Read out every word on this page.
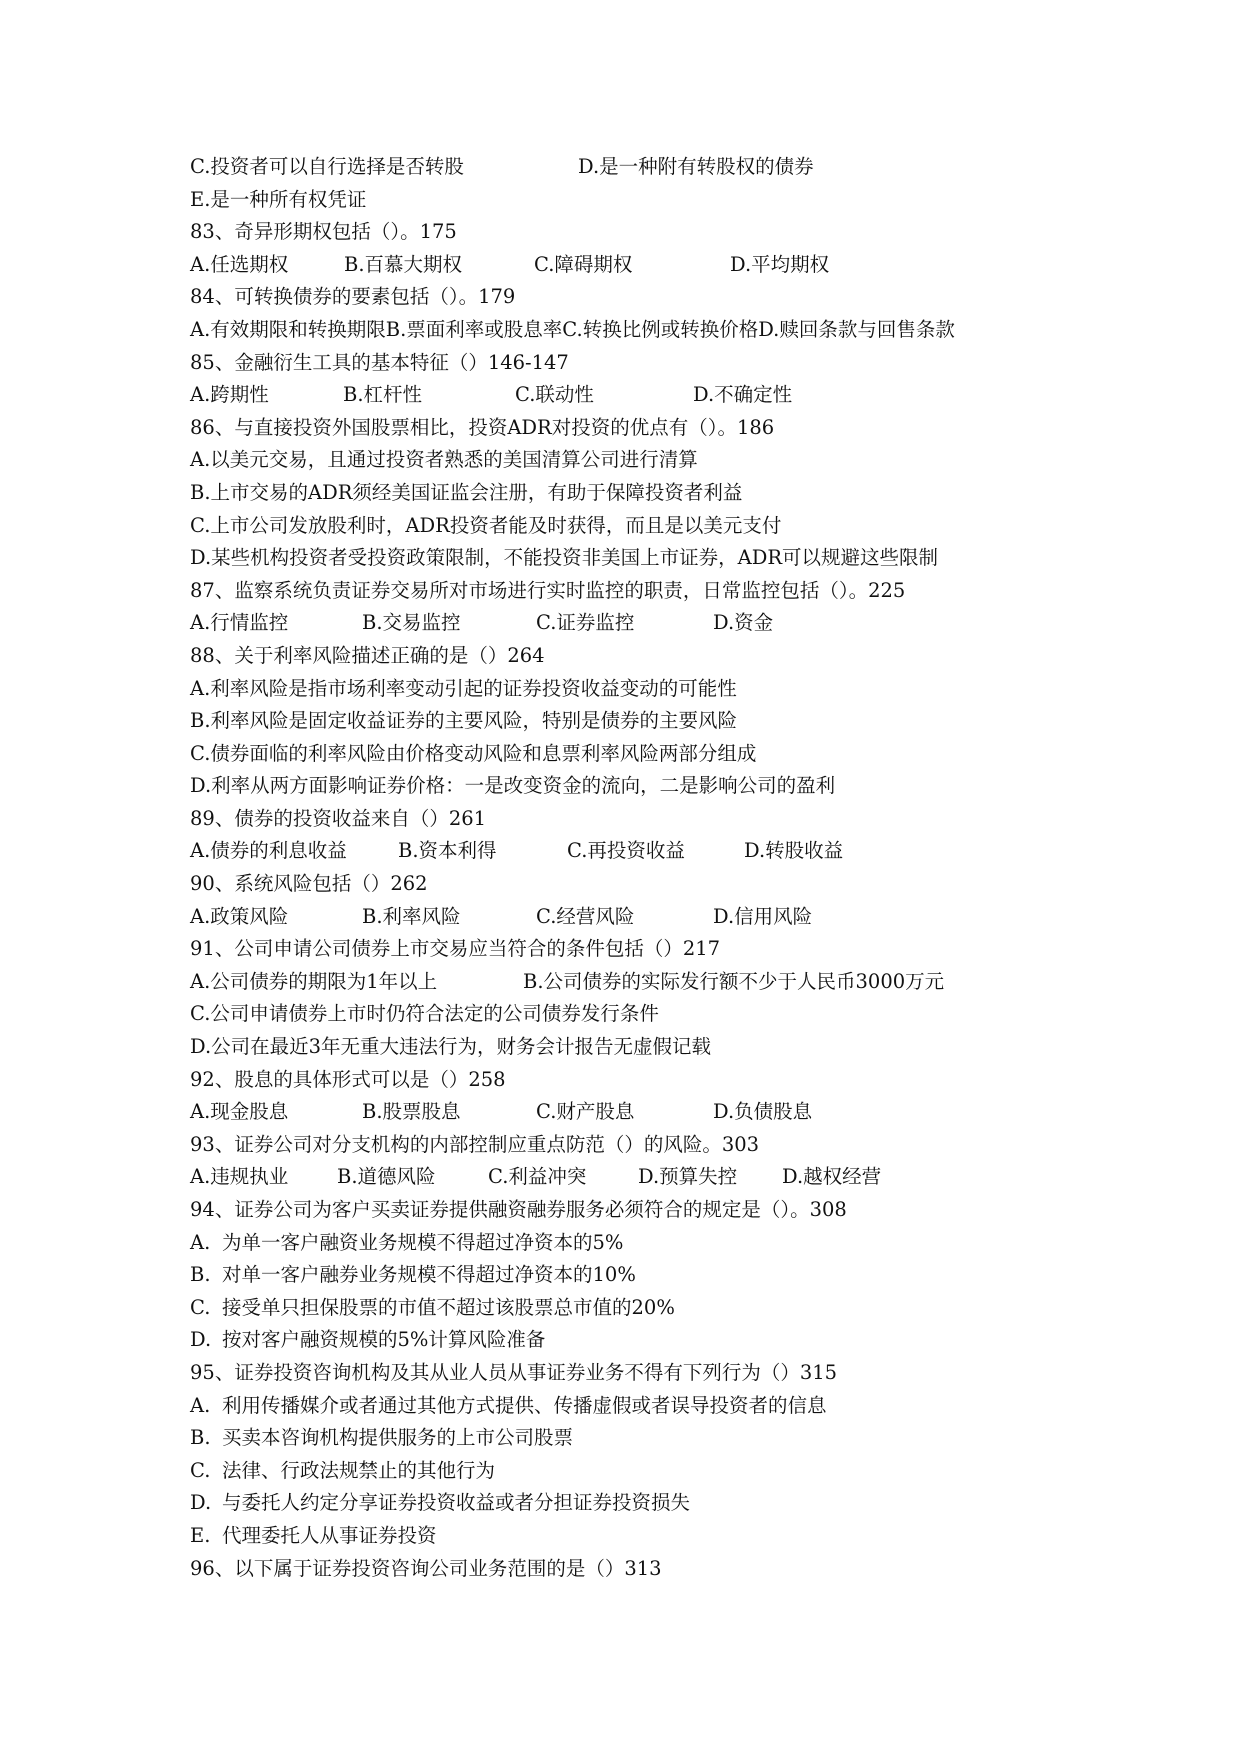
C.投资者可以自行选择是否转股	D.是一种附有转股权的债券
E.是一种所有权凭证
83、奇异形期权包括（）。175
A.任选期权	B.百慕大期权	C.障碍期权	D.平均期权
84、可转换债券的要素包括（）。179
A.有效期限和转换期限B.票面利率或股息率C.转换比例或转换价格D.赎回条款与回售条款
85、金融衍生工具的基本特征（）146-147
A.跨期性	B.杠杆性	C.联动性	D.不确定性
86、与直接投资外国股票相比，投资ADR对投资的优点有（）。186
A.以美元交易，且通过投资者熟悉的美国清算公司进行清算
B.上市交易的ADR须经美国证监会注册，有助于保障投资者利益
C.上市公司发放股利时，ADR投资者能及时获得，而且是以美元支付
D.某些机构投资者受投资政策限制，不能投资非美国上市证券，ADR可以规避这些限制
87、监察系统负责证券交易所对市场进行实时监控的职责，日常监控包括（）。225
A.行情监控	B.交易监控	C.证券监控	D.资金
88、关于利率风险描述正确的是（）264
A.利率风险是指市场利率变动引起的证券投资收益变动的可能性
B.利率风险是固定收益证券的主要风险，特别是债券的主要风险
C.债券面临的利率风险由价格变动风险和息票利率风险两部分组成
D.利率从两方面影响证券价格：一是改变资金的流向，二是影响公司的盈利
89、债券的投资收益来自（）261
A.债券的利息收益	B.资本利得	C.再投资收益	D.转股收益
90、系统风险包括（）262
A.政策风险	B.利率风险	C.经营风险	D.信用风险
91、公司申请公司债券上市交易应当符合的条件包括（）217
A.公司债券的期限为1年以上	B.公司债券的实际发行额不少于人民币3000万元
C.公司申请债券上市时仍符合法定的公司债券发行条件
D.公司在最近3年无重大违法行为，财务会计报告无虚假记载
92、股息的具体形式可以是（）258
A.现金股息	B.股票股息	C.财产股息	D.负债股息
93、证券公司对分支机构的内部控制应重点防范（）的风险。303
A.违规执业 B.道德风险	C.利益冲突	D.预算失控 D.越权经营
94、证券公司为客户买卖证券提供融资融券服务必须符合的规定是（）。308
A. 为单一客户融资业务规模不得超过净资本的5%
B. 对单一客户融券业务规模不得超过净资本的10%
C. 接受单只担保股票的市值不超过该股票总市值的20%
D. 按对客户融资规模的5%计算风险准备
95、证券投资咨询机构及其从业人员从事证券业务不得有下列行为（）315
A. 利用传播媒介或者通过其他方式提供、传播虚假或者误导投资者的信息
B. 买卖本咨询机构提供服务的上市公司股票
C. 法律、行政法规禁止的其他行为
D. 与委托人约定分享证券投资收益或者分担证券投资损失
E. 代理委托人从事证券投资
96、以下属于证券投资咨询公司业务范围的是（）313
